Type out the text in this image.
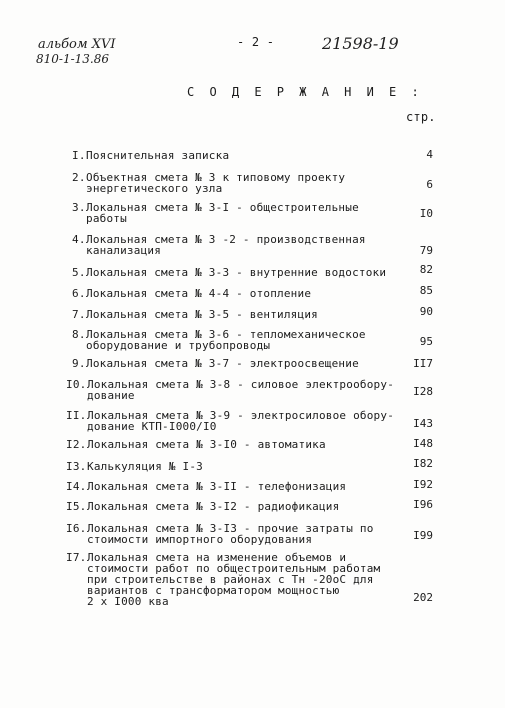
альбом XVI
810-1-13.86
- 2 -	21598-19
С О Д Е Р Ж А Н И Е :
стр.
I. Пояснительная записка	4
2. Объектная смета № 3 к типовому проекту
энергетического узла	6
3. Локальная смета № 3-I - общестроительные
работы	I0
4. Локальная смета № 3 -2 - производственная
канализация	79
5. Локальная смета № 3-3 - внутренние водостоки	82
6. Локальная смета № 4-4 - отопление	85
7. Локальная смета № 3-5 - вентиляция	90
8. Локальная смета № 3-6 - тепломеханическое
оборудование и трубопроводы	95
9. Локальная смета № 3-7 - электроосвещение	II7
I0. Локальная смета № 3-8 - силовое электрообору-
дование	I28
II. Локальная смета № 3-9 - электросиловое обору-
дование КТП-I000/I0	I43
I2. Локальная смета № 3-I0 - автоматика	I48
I3. Калькуляция № I-3	I82
I4. Локальная смета № 3-II - телефонизация	I92
I5. Локальная смета № 3-I2 - радиофикация	I96
I6. Локальная смета № 3-I3 - прочие затраты по
стоимости импортного оборудования	I99
I7. Локальная смета на изменение объемов и
стоимости работ по общестроительным работам
при строительстве в районах с Тн -20оС для
вариантов с трансформатором мощностью
2 х I000 ква	202
